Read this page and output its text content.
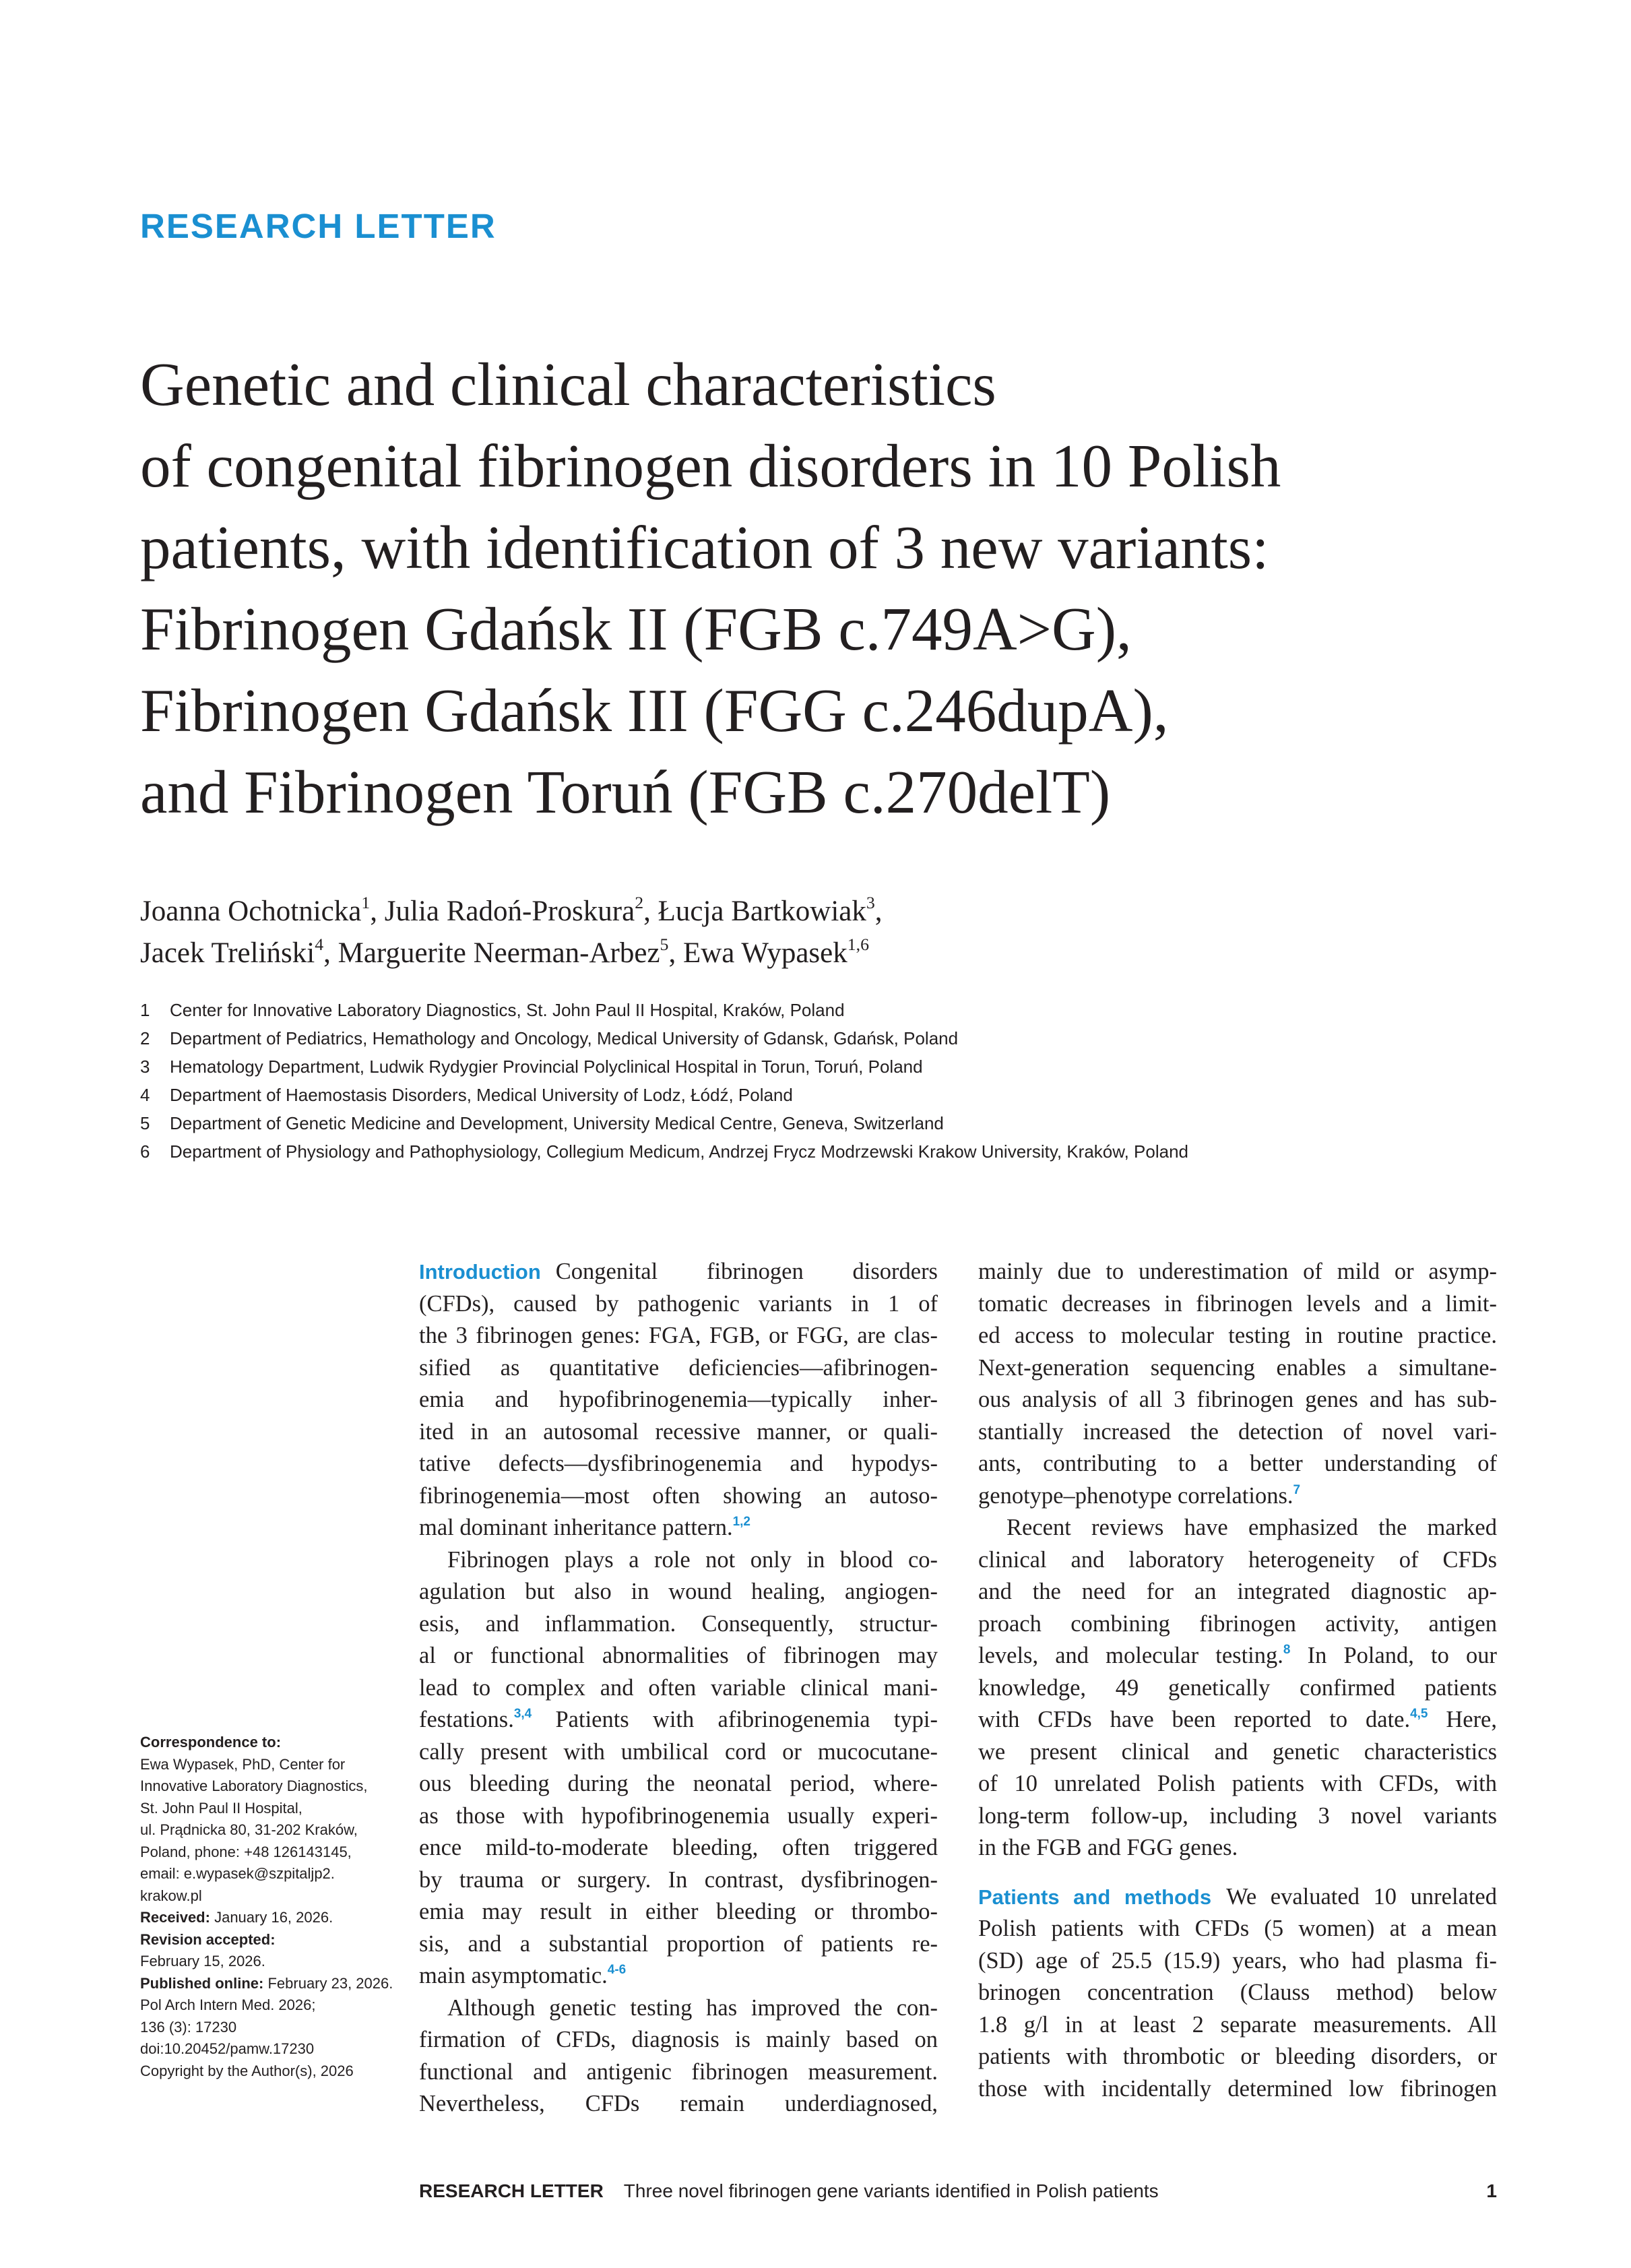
RESEARCH LETTER
Genetic and clinical characteristics
of congenital fibrinogen disorders in 10 Polish
patients, with identification of 3 new variants:
Fibrinogen Gdańsk II (FGB c.749A>G),
Fibrinogen Gdańsk III (FGG c.246dupA),
and Fibrinogen Toruń (FGB c.270delT)
Joanna Ochotnicka$^1$, Julia Radoń-Proskura$^2$, Łucja Bartkowiak$^3$,
Jacek Treliński$^4$, Marguerite Neerman-Arbez$^5$, Ewa Wypasek$^{1,6}$
1	Center for Innovative Laboratory Diagnostics, St. John Paul II Hospital, Kraków, Poland
2	Department of Pediatrics, Hemathology and Oncology, Medical University of Gdansk, Gdańsk, Poland
3	Hematology Department, Ludwik Rydygier Provincial Polyclinical Hospital in Torun, Toruń, Poland
4	Department of Haemostasis Disorders, Medical University of Lodz, Łódź, Poland
5	Department of Genetic Medicine and Development, University Medical Centre, Geneva, Switzerland
6	Department of Physiology and Pathophysiology, Collegium Medicum, Andrzej Frycz Modrzewski Krakow University, Kraków, Poland
Correspondence to:
Ewa Wypasek, PhD, Center for
Innovative Laboratory Diagnostics,
St. John Paul II Hospital,
ul. Prądnicka 80, 31-202 Kraków,
Poland, phone: +48 126143145,
email: e.wypasek@szpitaljp2.
krakow.pl
Received: January 16, 2026.
Revision accepted:
February 15, 2026.
Published online: February 23, 2026.
Pol Arch Intern Med. 2026;
136 (3): 17230
doi:10.20452/pamw.17230
Copyright by the Author(s), 2026
Introduction Congenital fibrinogen disorders
(CFDs), caused by pathogenic variants in 1 of
the 3 fibrinogen genes: FGA, FGB, or FGG, are clas-
sified as quantitative deficiencies—afibrinogen-
emia and hypofibrinogenemia—typically inher-
ited in an autosomal recessive manner, or quali-
tative defects—dysfibrinogenemia and hypodys-
fibrinogenemia—most often showing an autoso-
mal dominant inheritance pattern.$^{1,2}$
Fibrinogen plays a role not only in blood co-
agulation but also in wound healing, angiogen-
esis, and inflammation. Consequently, structur-
al or functional abnormalities of fibrinogen may
lead to complex and often variable clinical mani-
festations.$^{3,4}$ Patients with afibrinogenemia typi-
cally present with umbilical cord or mucocutane-
ous bleeding during the neonatal period, where-
as those with hypofibrinogenemia usually experi-
ence mild-to-moderate bleeding, often triggered
by trauma or surgery. In contrast, dysfibrinogen-
emia may result in either bleeding or thrombo-
sis, and a substantial proportion of patients re-
main asymptomatic.$^{4-6}$
Although genetic testing has improved the con-
firmation of CFDs, diagnosis is mainly based on
functional and antigenic fibrinogen measurement.
Nevertheless, CFDs remain underdiagnosed,
mainly due to underestimation of mild or asymp-
tomatic decreases in fibrinogen levels and a limit-
ed access to molecular testing in routine practice.
Next-generation sequencing enables a simultane-
ous analysis of all 3 fibrinogen genes and has sub-
stantially increased the detection of novel vari-
ants, contributing to a better understanding of
genotype–phenotype correlations.$^7$
Recent reviews have emphasized the marked
clinical and laboratory heterogeneity of CFDs
and the need for an integrated diagnostic ap-
proach combining fibrinogen activity, antigen
levels, and molecular testing.$^8$ In Poland, to our
knowledge, 49 genetically confirmed patients
with CFDs have been reported to date.$^{4,5}$ Here,
we present clinical and genetic characteristics
of 10 unrelated Polish patients with CFDs, with
long-term follow-up, including 3 novel variants
in the FGB and FGG genes.
Patients and methods We evaluated 10 unrelated
Polish patients with CFDs (5 women) at a mean
(SD) age of 25.5 (15.9) years, who had plasma fi-
brinogen concentration (Clauss method) below
1.8 g/l in at least 2 separate measurements. All
patients with thrombotic or bleeding disorders, or
those with incidentally determined low fibrinogen
RESEARCH LETTER Three novel fibrinogen gene variants identified in Polish patients	1
